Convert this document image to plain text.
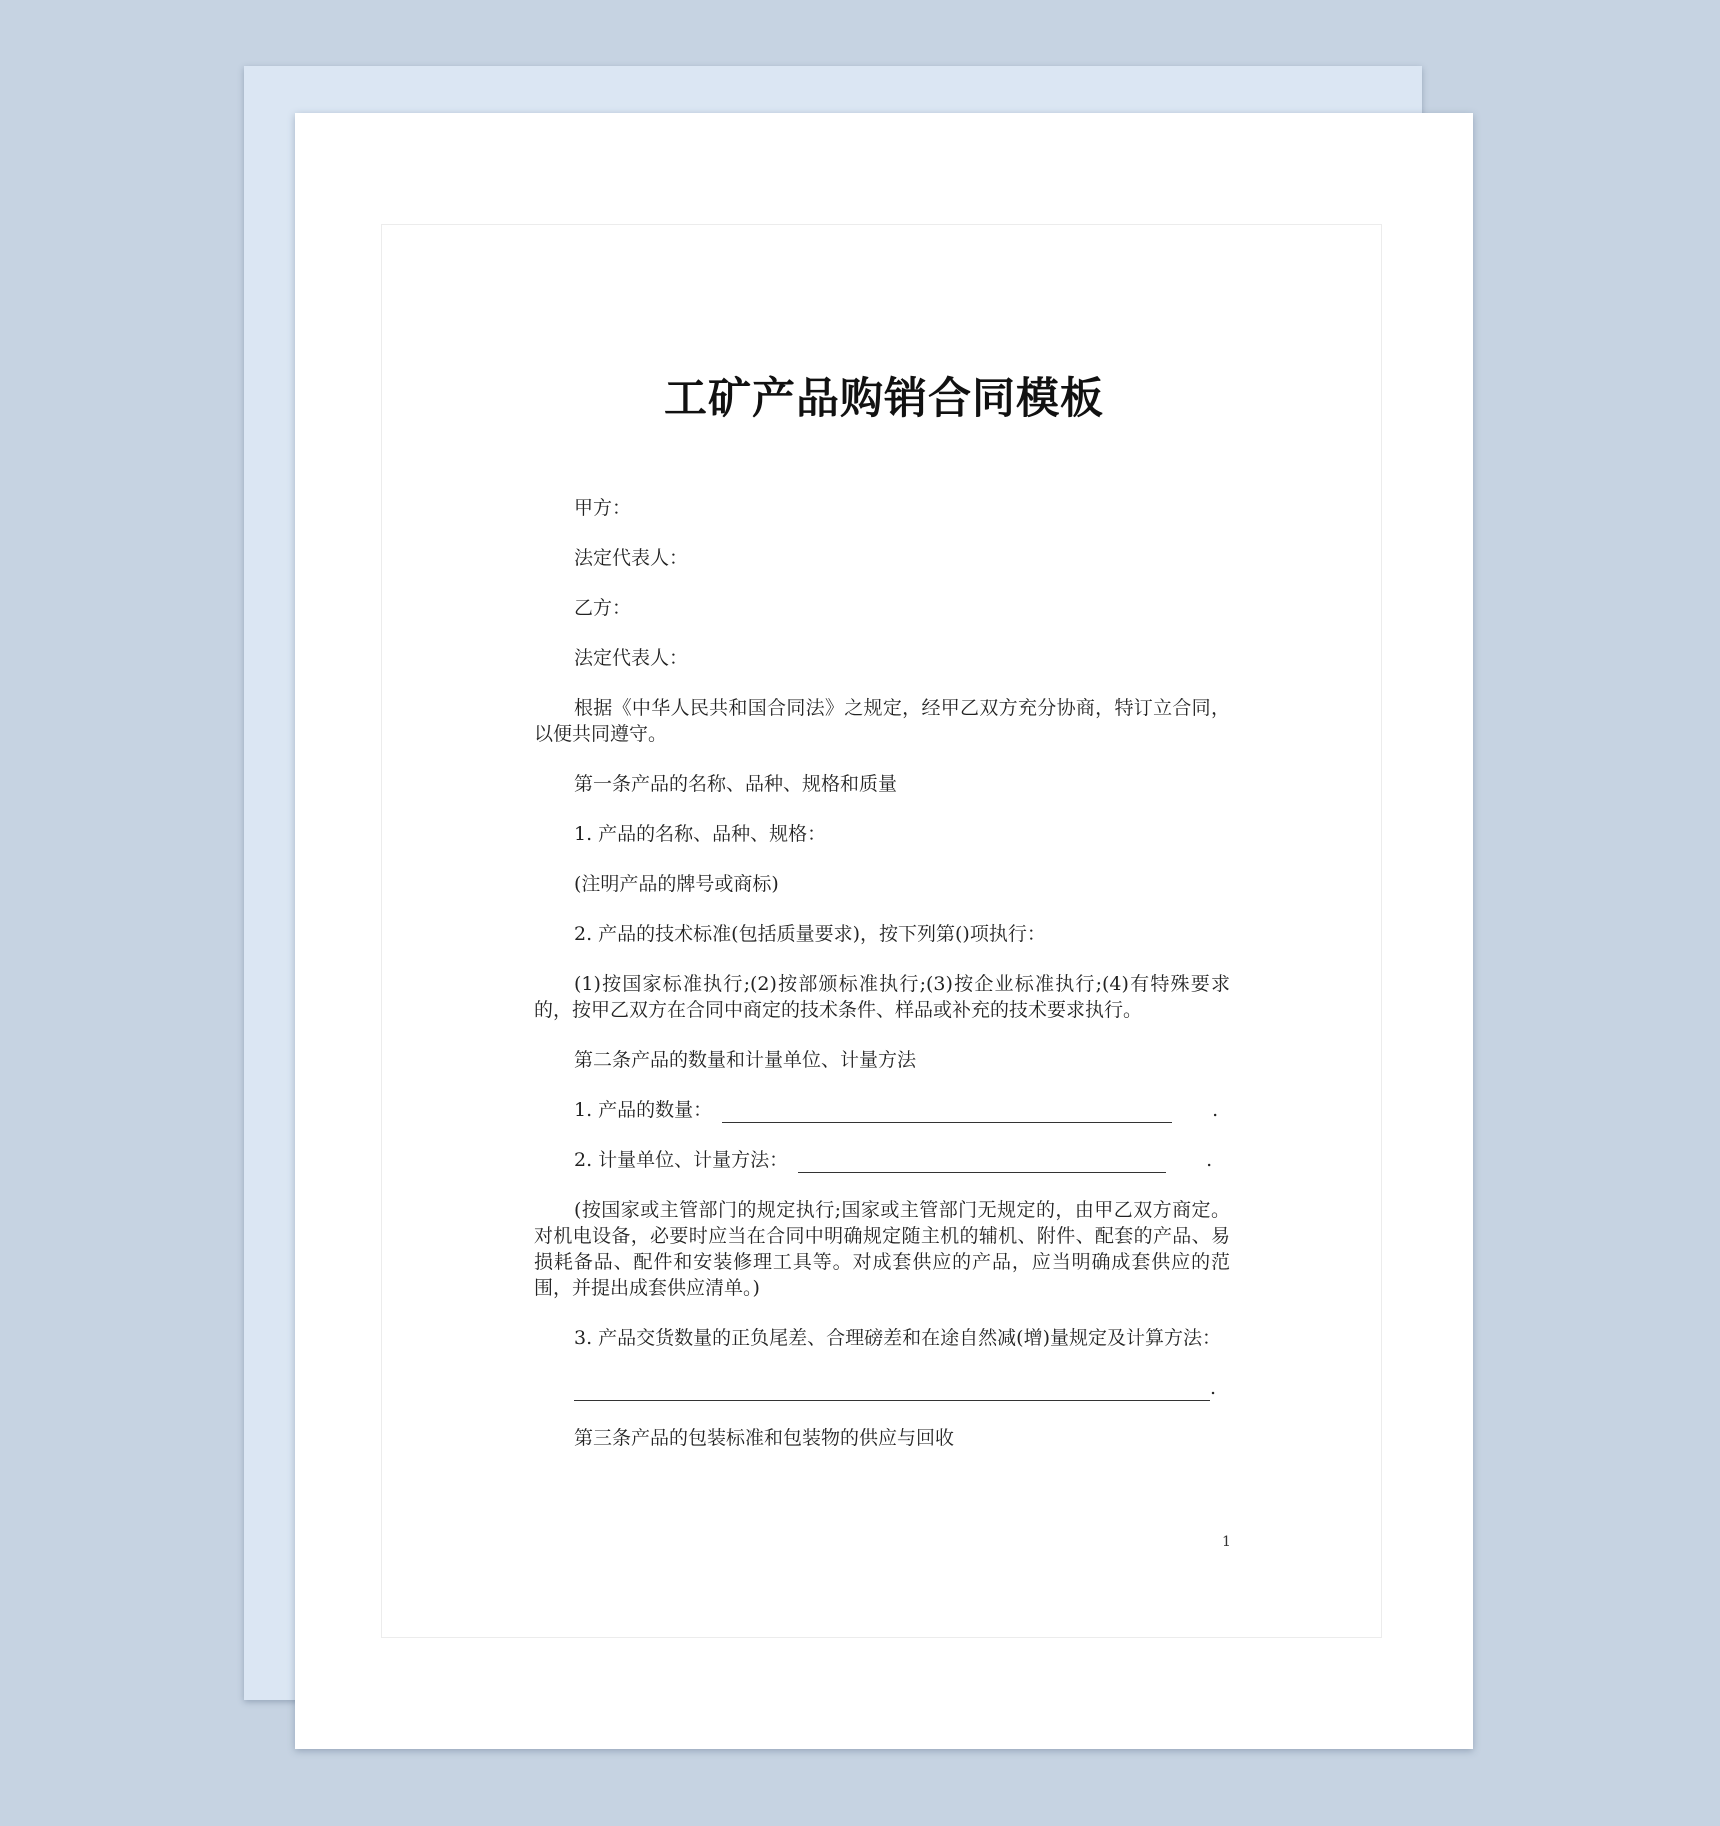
工矿产品购销合同模板

甲方：

法定代表人：

乙方：

法定代表人：

根据《中华人民共和国合同法》之规定，经甲乙双方充分协商，特订立合同，以便共同遵守。

第一条产品的名称、品种、规格和质量

1. 产品的名称、品种、规格：

(注明产品的牌号或商标)

2. 产品的技术标准(包括质量要求)，按下列第()项执行：

(1)按国家标准执行;(2)按部颁标准执行;(3)按企业标准执行;(4)有特殊要求的，按甲乙双方在合同中商定的技术条件、样品或补充的技术要求执行。

第二条产品的数量和计量单位、计量方法

1. 产品的数量：	.

2. 计量单位、计量方法：	.

(按国家或主管部门的规定执行;国家或主管部门无规定的，由甲乙双方商定。对机电设备，必要时应当在合同中明确规定随主机的辅机、附件、配套的产品、易损耗备品、配件和安装修理工具等。对成套供应的产品，应当明确成套供应的范围，并提出成套供应清单。)

3. 产品交货数量的正负尾差、合理磅差和在途自然减(增)量规定及计算方法：

.

第三条产品的包装标准和包装物的供应与回收

1
